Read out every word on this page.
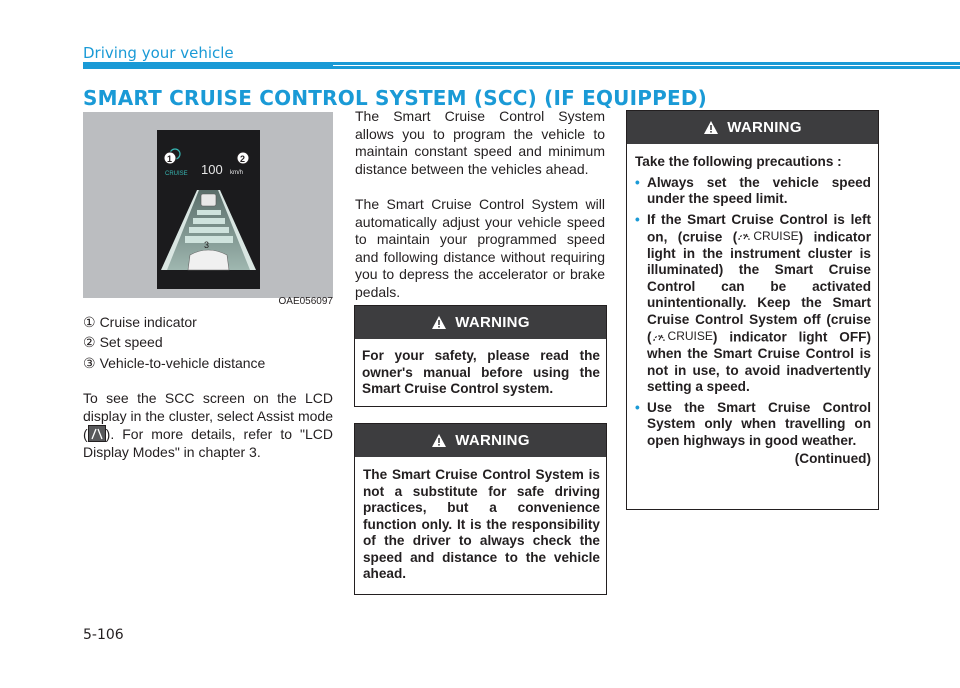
Driving your vehicle
SMART CRUISE CONTROL SYSTEM (SCC) (IF EQUIPPED)
CRUISE 100 km/h
3
1	2
OAE056097

① Cruise indicator

② Set speed

③ Vehicle-to-vehicle distance

To see the SCC screen on the LCD display in the cluster, select Assist mode ( ). For more details, refer to "LCD Display Modes" in chapter 3.

The Smart Cruise Control System allows you to program the vehicle to maintain constant speed and minimum distance between the vehicles ahead.

The Smart Cruise Control System will automatically adjust your vehicle speed to maintain your programmed speed and following distance without requiring you to depress the accelerator or brake pedals.

WARNING

For your safety, please read the owner's manual before using the Smart Cruise Control system.

WARNING

The Smart Cruise Control System is not a substitute for safe driving practices, but a convenience function only. It is the responsibility of the driver to always check the speed and distance to the vehicle ahead.

WARNING

Take the following precautions :

• Always set the vehicle speed under the speed limit.
• If the Smart Cruise Control is left on, (cruise ( CRUISE ) indicator light in the instrument cluster is illuminated) the Smart Cruise Control can be activated unintentionally. Keep the Smart Cruise Control System off (cruise ( CRUISE ) indicator light OFF) when the Smart Cruise Control is not in use, to avoid inadvertently setting a speed.
• Use the Smart Cruise Control System only when travelling on open highways in good weather.
(Continued)

5-106
